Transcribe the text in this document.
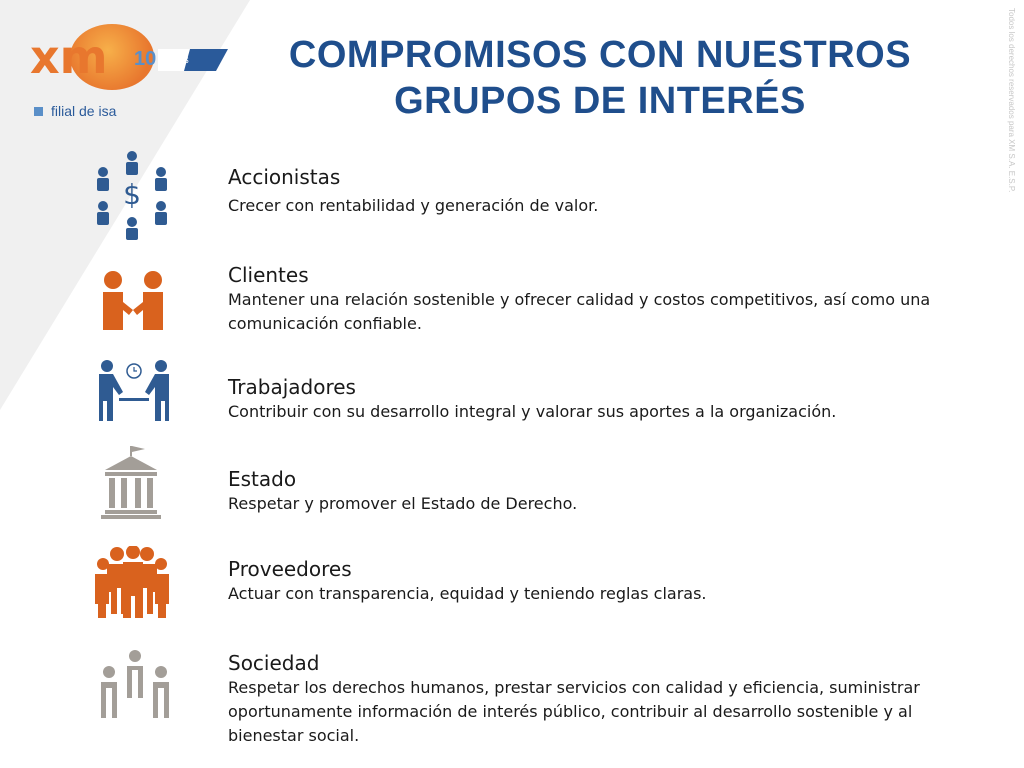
xm 10 AÑOS
filial de isa
COMPROMISOS CON NUESTROS
GRUPOS DE INTERÉS	Todos los derechos reservados para XM S.A. E.S.P.
$
Accionistas

Crecer con rentabilidad y generación de valor.

Clientes

Mantener una relación sostenible y ofrecer calidad y costos competitivos, así como una comunicación confiable.

Trabajadores

Contribuir con su desarrollo integral y valorar sus aportes a la organización.

Estado

Respetar y promover el Estado de Derecho.

Proveedores

Actuar con transparencia, equidad y teniendo reglas claras.

Sociedad

Respetar los derechos humanos, prestar servicios con calidad y eficiencia, suministrar oportunamente información de interés público, contribuir al desarrollo sostenible y al bienestar social.
